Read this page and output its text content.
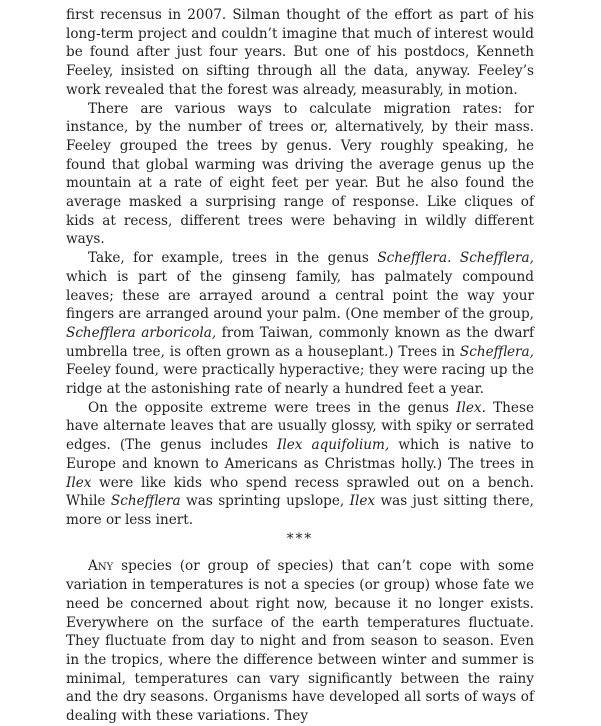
first recensus in 2007. Silman thought of the effort as part of his long-term project and couldn’t imagine that much of interest would be found after just four years. But one of his postdocs, Kenneth Feeley, insisted on sifting through all the data, anyway. Feeley’s work revealed that the forest was already, measurably, in motion.

There are various ways to calculate migration rates: for instance, by the number of trees or, alternatively, by their mass. Feeley grouped the trees by genus. Very roughly speaking, he found that global warming was driving the average genus up the mountain at a rate of eight feet per year. But he also found the average masked a surprising range of response. Like cliques of kids at recess, different trees were behaving in wildly different ways.

Take, for example, trees in the genus Schefflera. Schefflera, which is part of the ginseng family, has palmately compound leaves; these are arrayed around a central point the way your fingers are arranged around your palm. (One member of the group, Schefflera arboricola, from Taiwan, commonly known as the dwarf umbrella tree, is often grown as a houseplant.) Trees in Schefflera, Feeley found, were practically hyperactive; they were racing up the ridge at the astonishing rate of nearly a hundred feet a year.

On the opposite extreme were trees in the genus Ilex. These have alternate leaves that are usually glossy, with spiky or serrated edges. (The genus includes Ilex aquifolium, which is native to Europe and known to Americans as Christmas holly.) The trees in Ilex were like kids who spend recess sprawled out on a bench. While Schefflera was sprinting upslope, Ilex was just sitting there, more or less inert.

***

Any species (or group of species) that can’t cope with some variation in temperatures is not a species (or group) whose fate we need be concerned about right now, because it no longer exists. Everywhere on the surface of the earth temperatures fluctuate. They fluctuate from day to night and from season to season. Even in the tropics, where the difference between winter and summer is minimal, temperatures can vary significantly between the rainy and the dry seasons. Organisms have developed all sorts of ways of dealing with these variations. They
